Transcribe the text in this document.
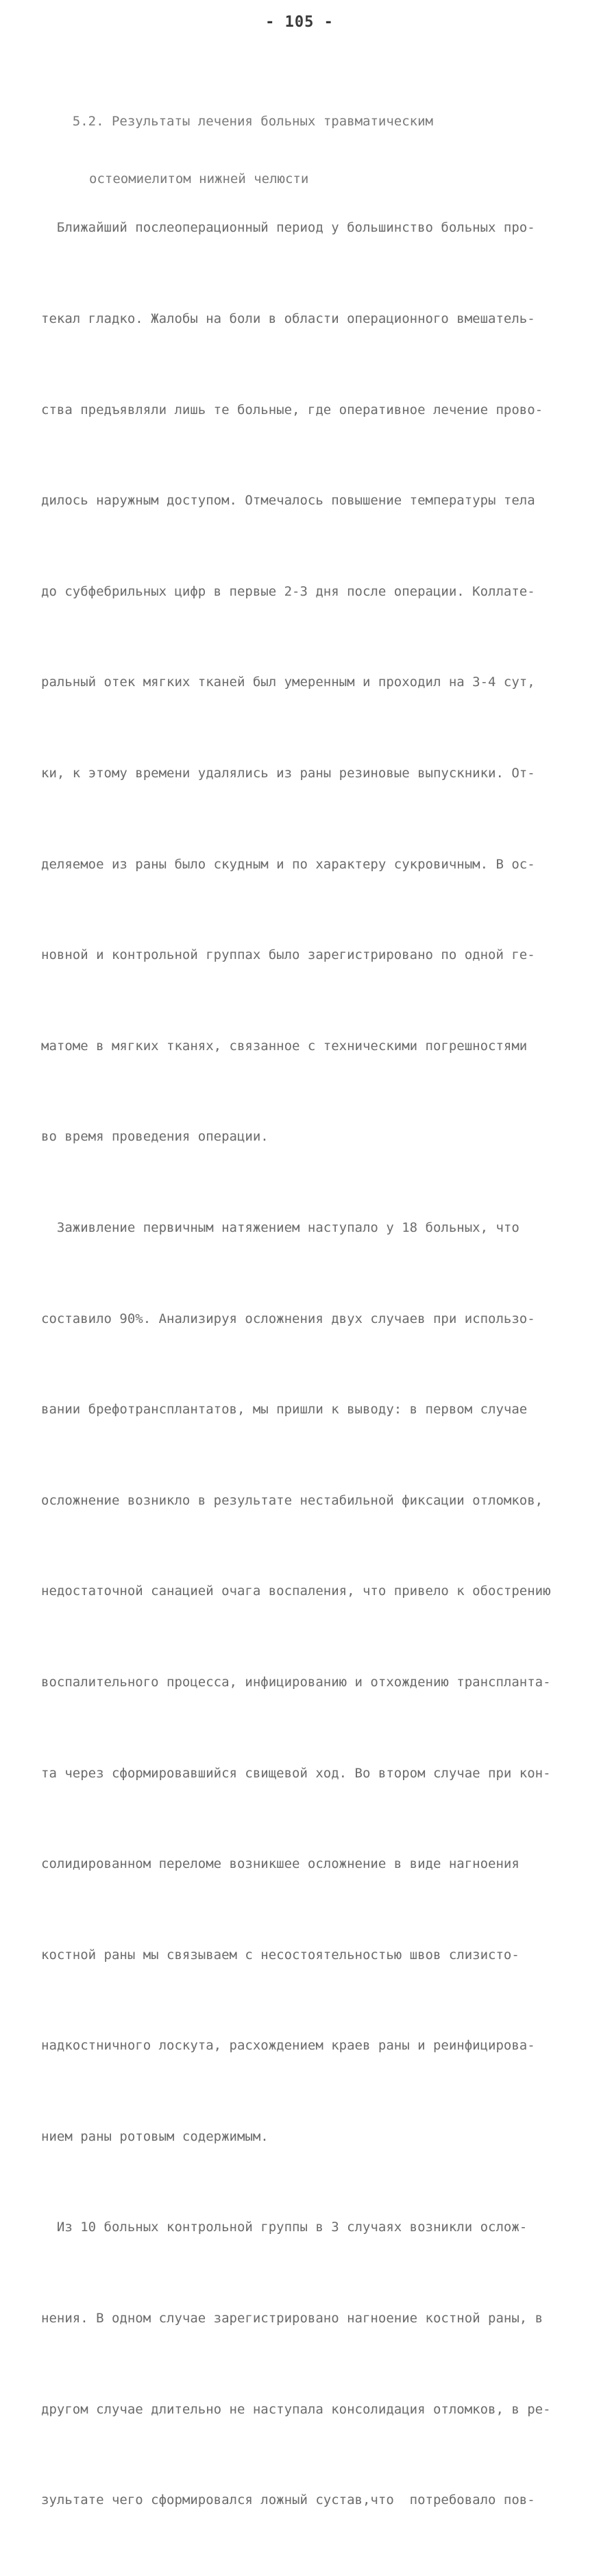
- 105 -

5.2. Результаты лечения больных травматическим

остеомиелитом нижней челюсти

Ближайший послеоперационный период у большинство больных про-

текал гладко. Жалобы на боли в области операционного вмешатель-

ства предъявляли лишь те больные, где оперативное лечение прово-

дилось наружным доступом. Отмечалось повышение температуры тела

до субфебрильных цифр в первые 2-3 дня после операции. Коллате-

ральный отек мягких тканей был умеренным и проходил на 3-4 сут,

ки, к этому времени удалялись из раны резиновые выпускники. От-

деляемое из раны было скудным и по характеру сукровичным. В ос-

новной и контрольной группах было зарегистрировано по одной ге-

матоме в мягких тканях, связанное с техническими погрешностями

во время проведения операции.

Заживление первичным натяжением наступало у 18 больных, что

составило 90%. Анализируя осложнения двух случаев при использо-

вании брефотрансплантатов, мы пришли к выводу: в первом случае

осложнение возникло в результате нестабильной фиксации отломков,

недостаточной санацией очага воспаления, что привело к обострению

воспалительного процесса, инфицированию и отхождению транспланта-

та через сформировавшийся свищевой ход. Во втором случае при кон-

солидированном переломе возникшее осложнение в виде нагноения

костной раны мы связываем с несостоятельностью швов слизисто-

надкостничного лоскута, расхождением краев раны и реинфицирова-

нием раны ротовым содержимым.

Из 10 больных контрольной группы в 3 случаях возникли ослож-

нения. В одном случае зарегистрировано нагноение костной раны, в

другом случае длительно не наступала консолидация отломков, в ре-

зультате чего сформировался ложный сустав,что  потребовало пов-
